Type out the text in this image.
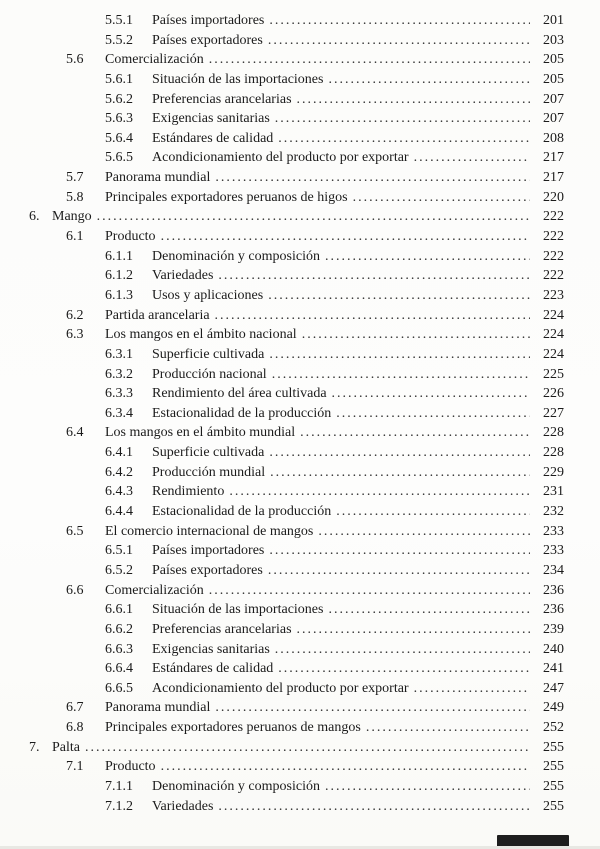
5.5.1	Países importadores .....	201
5.5.2	Países exportadores .....	203
5.6	Comercialización .....	205
5.6.1	Situación de las importaciones .....	205
5.6.2	Preferencias arancelarias .....	207
5.6.3	Exigencias sanitarias .....	207
5.6.4	Estándares de calidad .....	208
5.6.5	Acondicionamiento del producto por exportar .....	217
5.7	Panorama mundial .....	217
5.8	Principales exportadores peruanos de higos .....	220
6. Mango .....	222
6.1	Producto .....	222
6.1.1	Denominación y composición .....	222
6.1.2	Variedades .....	222
6.1.3	Usos y aplicaciones .....	223
6.2	Partida arancelaria .....	224
6.3	Los mangos en el ámbito nacional .....	224
6.3.1	Superficie cultivada .....	224
6.3.2	Producción nacional .....	225
6.3.3	Rendimiento del área cultivada .....	226
6.3.4	Estacionalidad de la producción .....	227
6.4	Los mangos en el ámbito mundial .....	228
6.4.1	Superficie cultivada .....	228
6.4.2	Producción mundial .....	229
6.4.3	Rendimiento .....	231
6.4.4	Estacionalidad de la producción .....	232
6.5	El comercio internacional de mangos .....	233
6.5.1	Países importadores .....	233
6.5.2	Países exportadores .....	234
6.6	Comercialización .....	236
6.6.1	Situación de las importaciones .....	236
6.6.2	Preferencias arancelarias .....	239
6.6.3	Exigencias sanitarias .....	240
6.6.4	Estándares de calidad .....	241
6.6.5	Acondicionamiento del producto por exportar .....	247
6.7	Panorama mundial .....	249
6.8	Principales exportadores peruanos de mangos .....	252
7. Palta .....	255
7.1	Producto .....	255
7.1.1	Denominación y composición .....	255
7.1.2	Variedades .....	255
